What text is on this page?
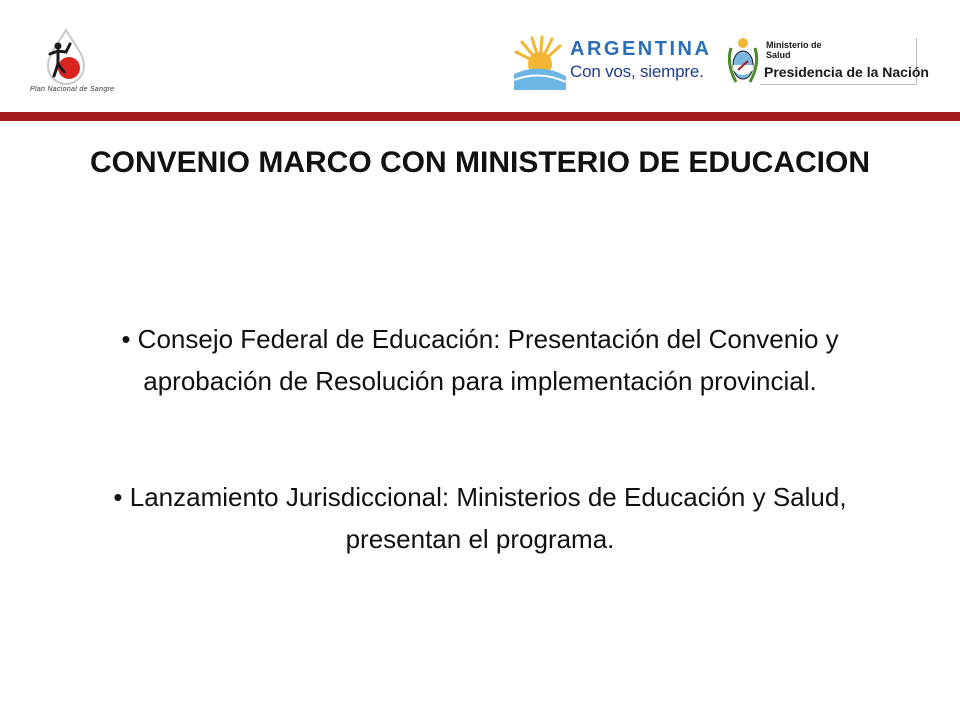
Plan Nacional de Sangre
ARGENTINA
Con vos, siempre.
Ministerio de
Salud
Presidencia de la Nación
CONVENIO MARCO CON MINISTERIO DE EDUCACION
• Consejo Federal de Educación: Presentación del Convenio y aprobación de Resolución para implementación provincial.
• Lanzamiento Jurisdiccional: Ministerios de Educación y Salud, presentan el programa.
